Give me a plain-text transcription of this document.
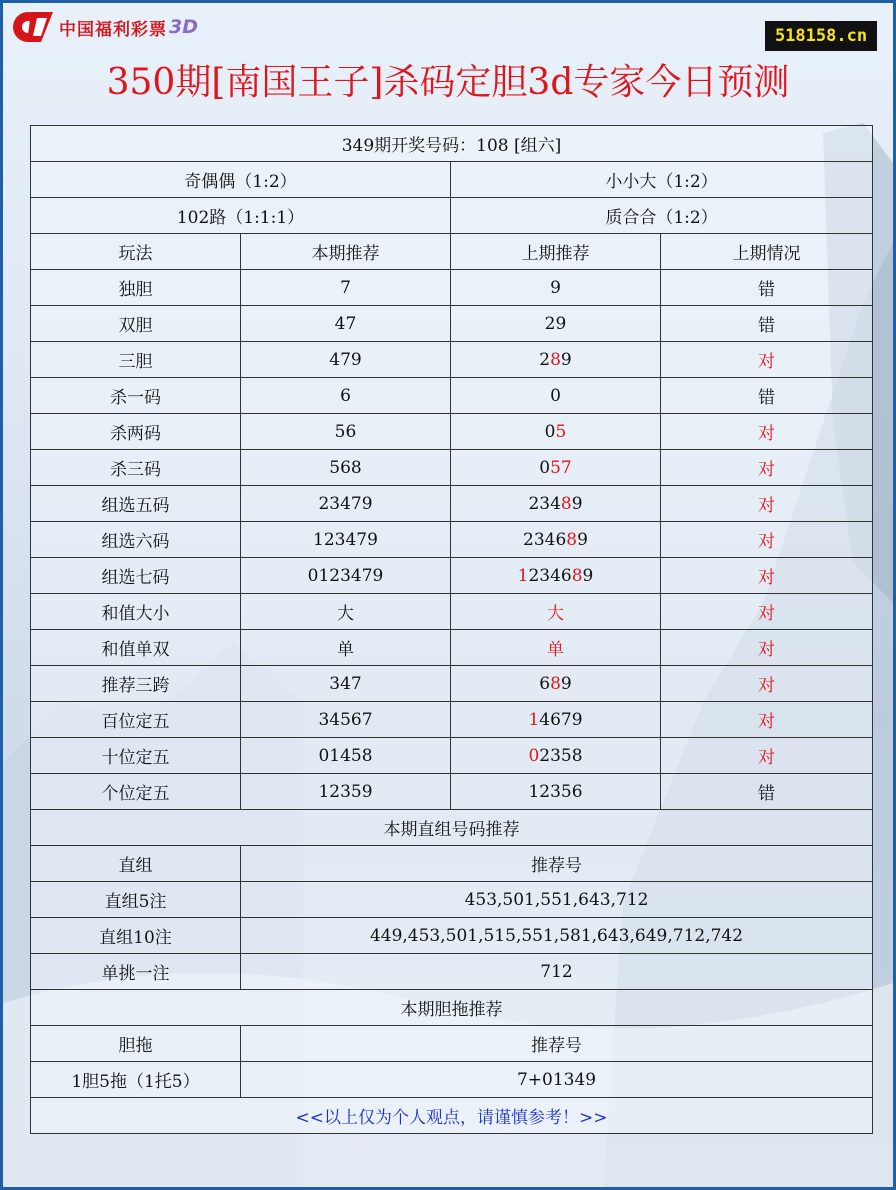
中国福利彩票 3D	518158.cn
350期[南国王子]杀码定胆3d专家今日预测
349期开奖号码：108 [组六]			
奇偶偶（1:2）		小小大（1:2）	
102路（1:1:1）		质合合（1:2）	
玩法	本期推荐	上期推荐	上期情况
独胆	7	9	错
双胆	47	29	错
三胆	479	289	对
杀一码	6	0	错
杀两码	56	05	对
杀三码	568	057	对
组选五码	23479	23489	对
组选六码	123479	234689	对
组选七码	0123479	1234689	对
和值大小	大	大	对
和值单双	单	单	对
推荐三跨	347	689	对
百位定五	34567	14679	对
十位定五	01458	02358	对
个位定五	12359	12356	错
本期直组号码推荐			
直组	推荐号		
直组5注	453,501,551,643,712		
直组10注	449,453,501,515,551,581,643,649,712,742		
单挑一注	712		
本期胆拖推荐			
胆拖	推荐号		
1胆5拖（1托5）	7+01349		
<<以上仅为个人观点，请谨慎参考！>>			
